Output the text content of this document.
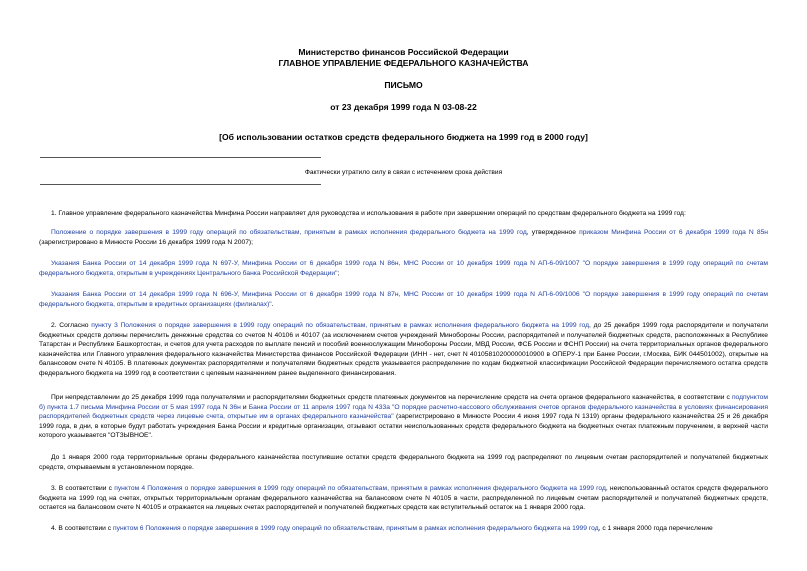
Министерство финансов Российской Федерации
ГЛАВНОЕ УПРАВЛЕНИЕ ФЕДЕРАЛЬНОГО КАЗНАЧЕЙСТВА
ПИСЬМО
от 23 декабря 1999 года N 03-08-22
[Об использовании остатков средств федерального бюджета на 1999 год в 2000 году]
Фактически утратило силу в связи с истечением срока действия
1. Главное управление федерального казначейства Минфина России направляет для руководства и использования в работе при завершении операций по средствам федерального бюджета на 1999 год:
Положение о порядке завершения в 1999 году операций по обязательствам, принятым в рамках исполнения федерального бюджета на 1999 год, утвержденное приказом Минфина России от 6 декабря 1999 года N 85н (зарегистрировано в Минюсте России 16 декабря 1999 года N 2007);
Указания Банка России от 14 декабря 1999 года N 697-У, Минфина России от 6 декабря 1999 года N 86н, МНС России от 10 декабря 1999 года N АП-6-09/1007 "О порядке завершения в 1999 году операций по счетам федерального бюджета, открытым в учреждениях Центрального банка Российской Федерации";
Указания Банка России от 14 декабря 1999 года N 696-У, Минфина России от 6 декабря 1999 года N 87н, МНС России от 10 декабря 1999 года N АП-6-09/1006 "О порядке завершения в 1999 году операций по счетам федерального бюджета, открытым в кредитных организациях (филиалах)".
2. Согласно пункту 3 Положения о порядке завершения в 1999 году операций по обязательствам, принятым в рамках исполнения федерального бюджета на 1999 год, до 25 декабря 1999 года распорядители и получатели бюджетных средств должны перечислить денежные средства со счетов N 40106 и 40107 (за исключением счетов учреждений Минобороны России, распорядителей и получателей бюджетных средств, расположенных в Республике Татарстан и Республике Башкортостан, и счетов для учета расходов по выплате пенсий и пособий военнослужащим Минобороны России, МВД России, ФСБ России и ФСНП России) на счета территориальных органов федерального казначейства или Главного управления федерального казначейства Министерства финансов Российской Федерации (ИНН - нет, счет N 40105810200000010900 в ОПЕРУ-1 при Банке России, г.Москва, БИК 044501002), открытые на балансовом счете N 40105. В платежных документах распорядителями и получателями бюджетных средств указывается распределение по кодам бюджетной классификации Российской Федерации перечисляемого остатка средств федерального бюджета на 1999 год в соответствии с целевым назначением ранее выделенного финансирования.
При непредставлении до 25 декабря 1999 года получателями и распорядителями бюджетных средств платежных документов на перечисление средств на счета органов федерального казначейства, в соответствии с подпунктом б) пункта 1.7 письма Минфина России от 5 мая 1997 года N 36н и Банка России от 11 апреля 1997 года N 433а "О порядке расчетно-кассового обслуживания счетов органов федерального казначейства в условиях финансирования распорядителей бюджетных средств через лицевые счета, открытые им в органах федерального казначейства" (зарегистрировано в Минюсте России 4 июня 1997 года N 1319) органы федерального казначейства 25 и 26 декабря 1999 года, в дни, в которые будут работать учреждения Банка России и кредитные организации, отзывают остатки неиспользованных средств федерального бюджета на бюджетных счетах платежным поручением, в верхней части которого указывается "ОТЗЫВНОЕ".
До 1 января 2000 года территориальные органы федерального казначейства поступившие остатки средств федерального бюджета на 1999 год распределяют по лицевым счетам распорядителей и получателей бюджетных средств, открываемым в установленном порядке.
3. В соответствии с пунктом 4 Положения о порядке завершения в 1999 году операций по обязательствам, принятым в рамках исполнения федерального бюджета на 1999 год, неиспользованный остаток средств федерального бюджета на 1999 год на счетах, открытых территориальным органам федерального казначейства на балансовом счете N 40105 в части, распределенной по лицевым счетам распорядителей и получателей бюджетных средств, остается на балансовом счете N 40105 и отражается на лицевых счетах распорядителей и получателей бюджетных средств как вступительный остаток на 1 января 2000 года.
4. В соответствии с пунктом 6 Положения о порядке завершения в 1999 году операций по обязательствам, принятым в рамках исполнения федерального бюджета на 1999 год, с 1 января 2000 года перечисление
